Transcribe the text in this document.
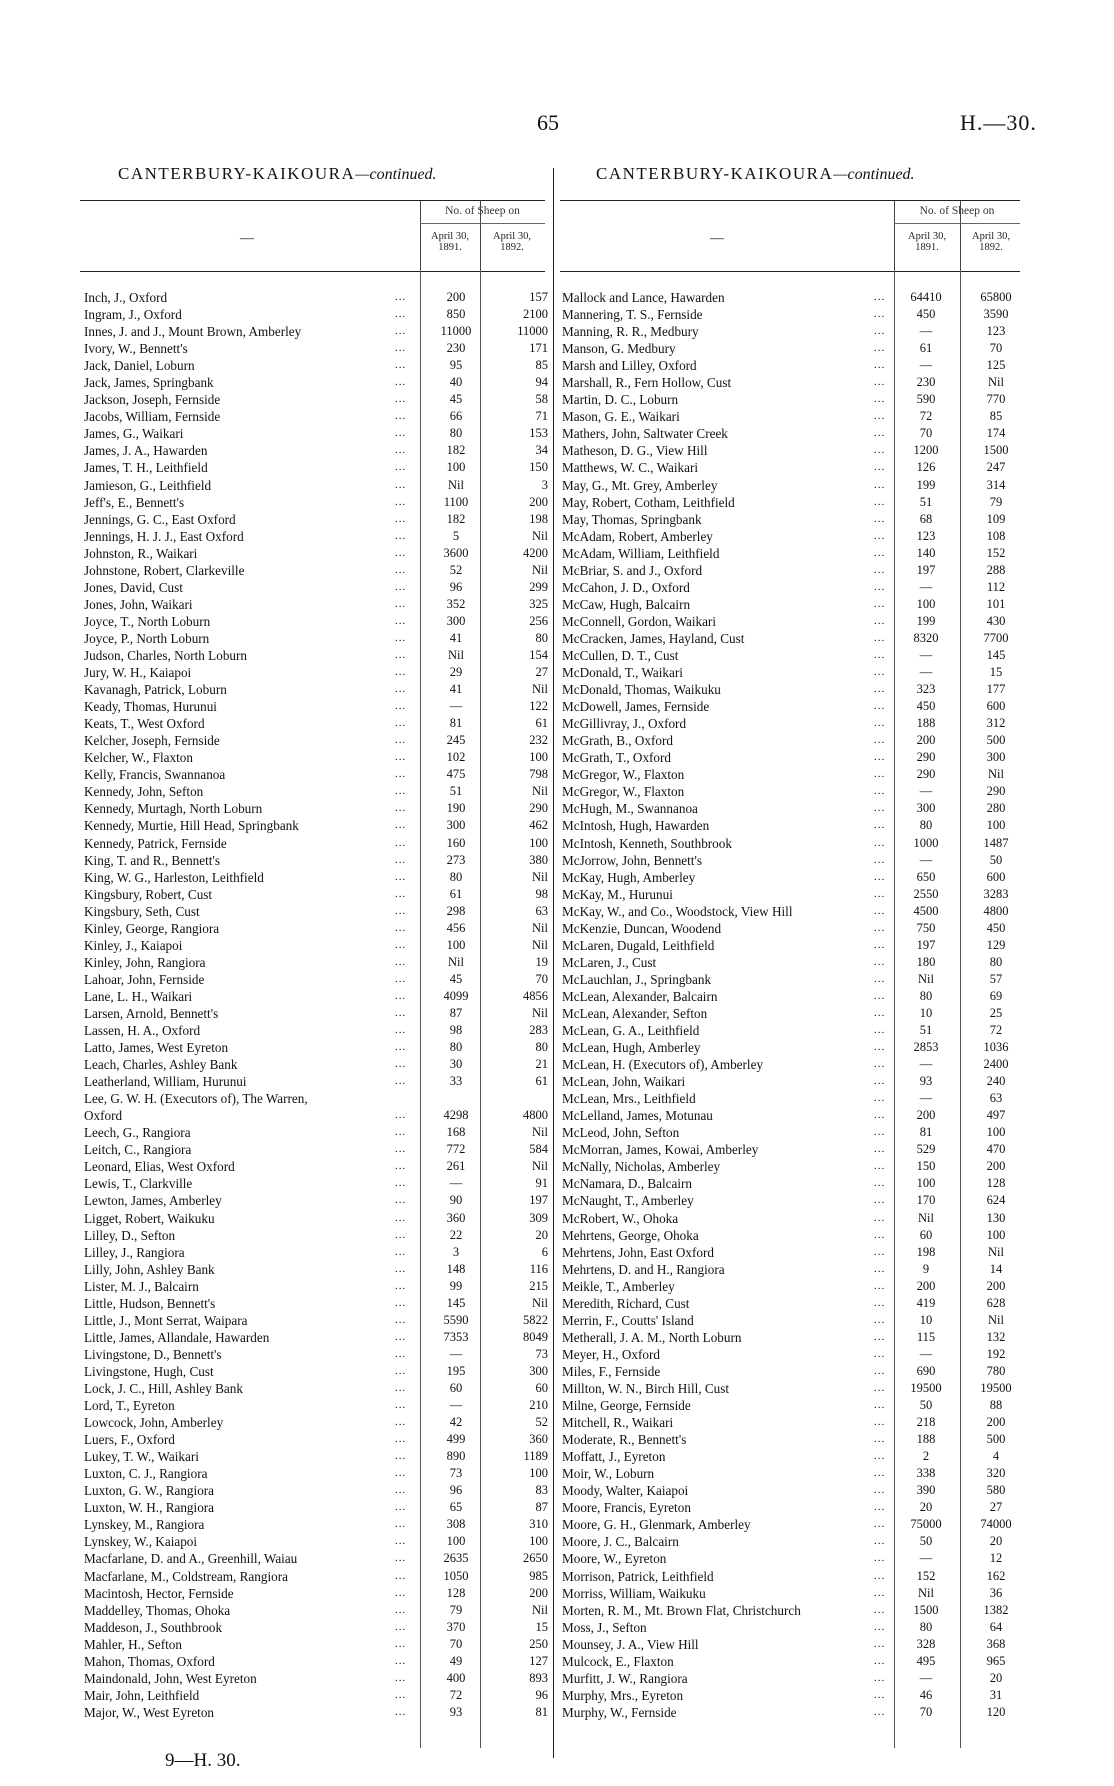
65	H.—30.
CANTERBURY-KAIKOURA—continued.	CANTERBURY-KAIKOURA—continued.
—
No. of Sheep on
April 30, 1891.
April 30, 1892.
—
No. of Sheep on
April 30, 1891.
April 30, 1892.
Inch, J., Oxford	...	200	157
Ingram, J., Oxford	...	850	2100
Innes, J. and J., Mount Brown, Amberley	...	11000	11000
Ivory, W., Bennett's	...	230	171
Jack, Daniel, Loburn	...	95	85
Jack, James, Springbank	...	40	94
Jackson, Joseph, Fernside	...	45	58
Jacobs, William, Fernside	...	66	71
James, G., Waikari	...	80	153
James, J. A., Hawarden	...	182	34
James, T. H., Leithfield	...	100	150
Jamieson, G., Leithfield	...	Nil	3
Jeff's, E., Bennett's	...	1100	200
Jennings, G. C., East Oxford	...	182	198
Jennings, H. J. J., East Oxford	...	5	Nil
Johnston, R., Waikari	...	3600	4200
Johnstone, Robert, Clarkeville	...	52	Nil
Jones, David, Cust	...	96	299
Jones, John, Waikari	...	352	325
Joyce, T., North Loburn	...	300	256
Joyce, P., North Loburn	...	41	80
Judson, Charles, North Loburn	...	Nil	154
Jury, W. H., Kaiapoi	...	29	27
Kavanagh, Patrick, Loburn	...	41	Nil
Keady, Thomas, Hurunui	...	—	122
Keats, T., West Oxford	...	81	61
Kelcher, Joseph, Fernside	...	245	232
Kelcher, W., Flaxton	...	102	100
Kelly, Francis, Swannanoa	...	475	798
Kennedy, John, Sefton	...	51	Nil
Kennedy, Murtagh, North Loburn	...	190	290
Kennedy, Murtie, Hill Head, Springbank	...	300	462
Kennedy, Patrick, Fernside	...	160	100
King, T. and R., Bennett's	...	273	380
King, W. G., Harleston, Leithfield	...	80	Nil
Kingsbury, Robert, Cust	...	61	98
Kingsbury, Seth, Cust	...	298	63
Kinley, George, Rangiora	...	456	Nil
Kinley, J., Kaiapoi	...	100	Nil
Kinley, John, Rangiora	...	Nil	19
Lahoar, John, Fernside	...	45	70
Lane, L. H., Waikari	...	4099	4856
Larsen, Arnold, Bennett's	...	87	Nil
Lassen, H. A., Oxford	...	98	283
Latto, James, West Eyreton	...	80	80
Leach, Charles, Ashley Bank	...	30	21
Leatherland, William, Hurunui	...	33	61
Lee, G. W. H. (Executors of), The Warren,
Oxford	...	4298	4800
Leech, G., Rangiora	...	168	Nil
Leitch, C., Rangiora	...	772	584
Leonard, Elias, West Oxford	...	261	Nil
Lewis, T., Clarkville	...	—	91
Lewton, James, Amberley	...	90	197
Ligget, Robert, Waikuku	...	360	309
Lilley, D., Sefton	...	22	20
Lilley, J., Rangiora	...	3	6
Lilly, John, Ashley Bank	...	148	116
Lister, M. J., Balcairn	...	99	215
Little, Hudson, Bennett's	...	145	Nil
Little, J., Mont Serrat, Waipara	...	5590	5822
Little, James, Allandale, Hawarden	...	7353	8049
Livingstone, D., Bennett's	...	—	73
Livingstone, Hugh, Cust	...	195	300
Lock, J. C., Hill, Ashley Bank	...	60	60
Lord, T., Eyreton	...	—	210
Lowcock, John, Amberley	...	42	52
Luers, F., Oxford	...	499	360
Lukey, T. W., Waikari	...	890	1189
Luxton, C. J., Rangiora	...	73	100
Luxton, G. W., Rangiora	...	96	83
Luxton, W. H., Rangiora	...	65	87
Lynskey, M., Rangiora	...	308	310
Lynskey, W., Kaiapoi	...	100	100
Macfarlane, D. and A., Greenhill, Waiau	...	2635	2650
Macfarlane, M., Coldstream, Rangiora	...	1050	985
Macintosh, Hector, Fernside	...	128	200
Maddelley, Thomas, Ohoka	...	79	Nil
Maddeson, J., Southbrook	...	370	15
Mahler, H., Sefton	...	70	250
Mahon, Thomas, Oxford	...	49	127
Maindonald, John, West Eyreton	...	400	893
Mair, John, Leithfield	...	72	96
Major, W., West Eyreton	...	93	81
Mallock and Lance, Hawarden	...	64410	65800
Mannering, T. S., Fernside	...	450	3590
Manning, R. R., Medbury	...	—	123
Manson, G. Medbury	...	61	70
Marsh and Lilley, Oxford	...	—	125
Marshall, R., Fern Hollow, Cust	...	230	Nil
Martin, D. C., Loburn	...	590	770
Mason, G. E., Waikari	...	72	85
Mathers, John, Saltwater Creek	...	70	174
Matheson, D. G., View Hill	...	1200	1500
Matthews, W. C., Waikari	...	126	247
May, G., Mt. Grey, Amberley	...	199	314
May, Robert, Cotham, Leithfield	...	51	79
May, Thomas, Springbank	...	68	109
McAdam, Robert, Amberley	...	123	108
McAdam, William, Leithfield	...	140	152
McBriar, S. and J., Oxford	...	197	288
McCahon, J. D., Oxford	...	—	112
McCaw, Hugh, Balcairn	...	100	101
McConnell, Gordon, Waikari	...	199	430
McCracken, James, Hayland, Cust	...	8320	7700
McCullen, D. T., Cust	...	—	145
McDonald, T., Waikari	...	—	15
McDonald, Thomas, Waikuku	...	323	177
McDowell, James, Fernside	...	450	600
McGillivray, J., Oxford	...	188	312
McGrath, B., Oxford	...	200	500
McGrath, T., Oxford	...	290	300
McGregor, W., Flaxton	...	290	Nil
McGregor, W., Flaxton	...	—	290
McHugh, M., Swannanoa	...	300	280
McIntosh, Hugh, Hawarden	...	80	100
McIntosh, Kenneth, Southbrook	...	1000	1487
McJorrow, John, Bennett's	...	—	50
McKay, Hugh, Amberley	...	650	600
McKay, M., Hurunui	...	2550	3283
McKay, W., and Co., Woodstock, View Hill	...	4500	4800
McKenzie, Duncan, Woodend	...	750	450
McLaren, Dugald, Leithfield	...	197	129
McLaren, J., Cust	...	180	80
McLauchlan, J., Springbank	...	Nil	57
McLean, Alexander, Balcairn	...	80	69
McLean, Alexander, Sefton	...	10	25
McLean, G. A., Leithfield	...	51	72
McLean, Hugh, Amberley	...	2853	1036
McLean, H. (Executors of), Amberley	...	—	2400
McLean, John, Waikari	...	93	240
McLean, Mrs., Leithfield	...	—	63
McLelland, James, Motunau	...	200	497
McLeod, John, Sefton	...	81	100
McMorran, James, Kowai, Amberley	...	529	470
McNally, Nicholas, Amberley	...	150	200
McNamara, D., Balcairn	...	100	128
McNaught, T., Amberley	...	170	624
McRobert, W., Ohoka	...	Nil	130
Mehrtens, George, Ohoka	...	60	100
Mehrtens, John, East Oxford	...	198	Nil
Mehrtens, D. and H., Rangiora	...	9	14
Meikle, T., Amberley	...	200	200
Meredith, Richard, Cust	...	419	628
Merrin, F., Coutts' Island	...	10	Nil
Metherall, J. A. M., North Loburn	...	115	132
Meyer, H., Oxford	...	—	192
Miles, F., Fernside	...	690	780
Millton, W. N., Birch Hill, Cust	...	19500	19500
Milne, George, Fernside	...	50	88
Mitchell, R., Waikari	...	218	200
Moderate, R., Bennett's	...	188	500
Moffatt, J., Eyreton	...	2	4
Moir, W., Loburn	...	338	320
Moody, Walter, Kaiapoi	...	390	580
Moore, Francis, Eyreton	...	20	27
Moore, G. H., Glenmark, Amberley	...	75000	74000
Moore, J. C., Balcairn	...	50	20
Moore, W., Eyreton	...	—	12
Morrison, Patrick, Leithfield	...	152	162
Morriss, William, Waikuku	...	Nil	36
Morten, R. M., Mt. Brown Flat, Christchurch	...	1500	1382
Moss, J., Sefton	...	80	64
Mounsey, J. A., View Hill	...	328	368
Mulcock, E., Flaxton	...	495	965
Murfitt, J. W., Rangiora	...	—	20
Murphy, Mrs., Eyreton	...	46	31
Murphy, W., Fernside	...	70	120
9—H. 30.
